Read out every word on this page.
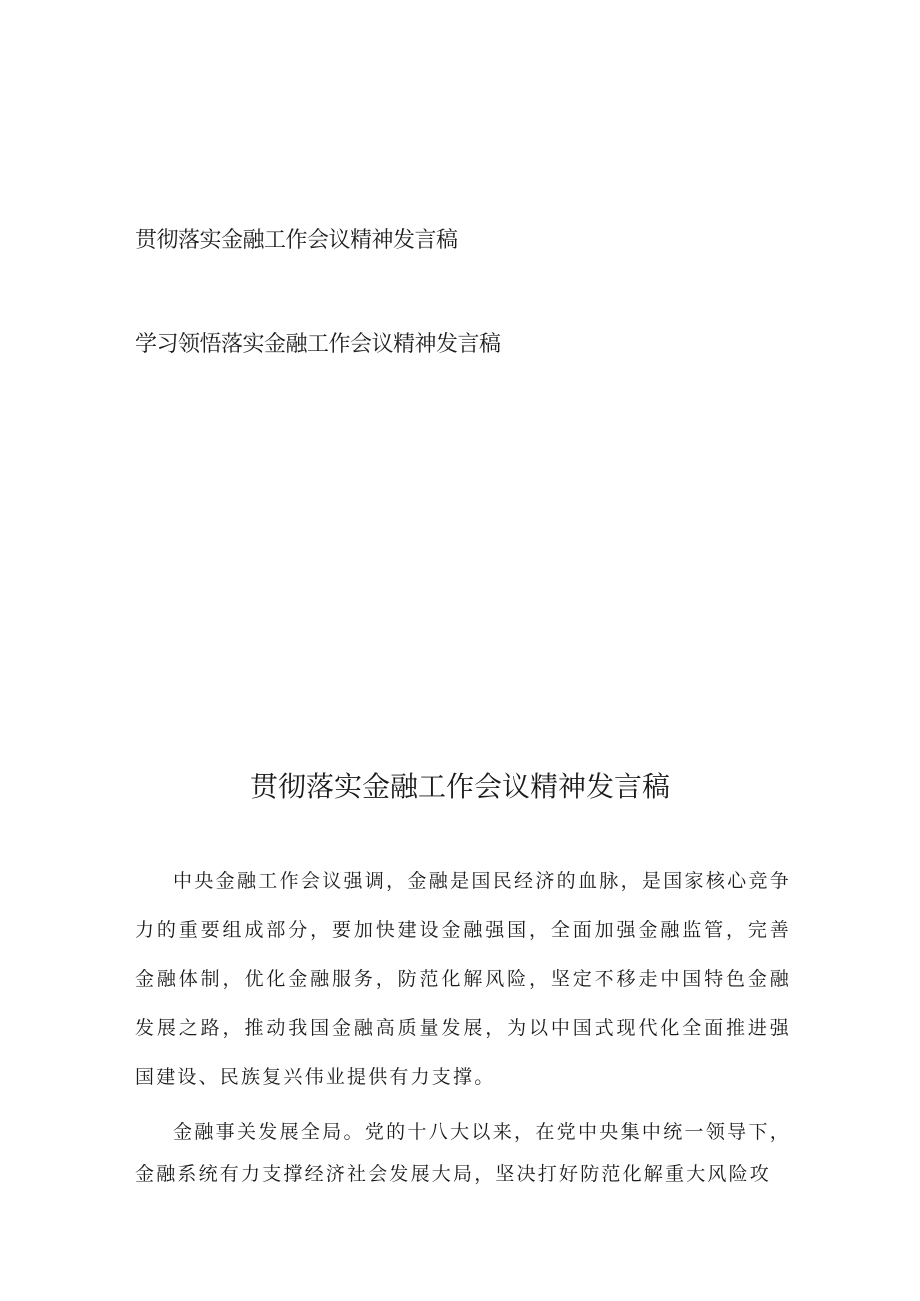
贯彻落实金融工作会议精神发言稿
学习领悟落实金融工作会议精神发言稿
贯彻落实金融工作会议精神发言稿

中央金融工作会议强调，金融是国民经济的血脉，是国家核心竞争力的重要组成部分，要加快建设金融强国，全面加强金融监管，完善金融体制，优化金融服务，防范化解风险，坚定不移走中国特色金融发展之路，推动我国金融高质量发展，为以中国式现代化全面推进强国建设、民族复兴伟业提供有力支撑。

金融事关发展全局。党的十八大以来，在党中央集中统一领导下，金融系统有力支撑经济社会发展大局，坚决打好防范化解重大风险攻
